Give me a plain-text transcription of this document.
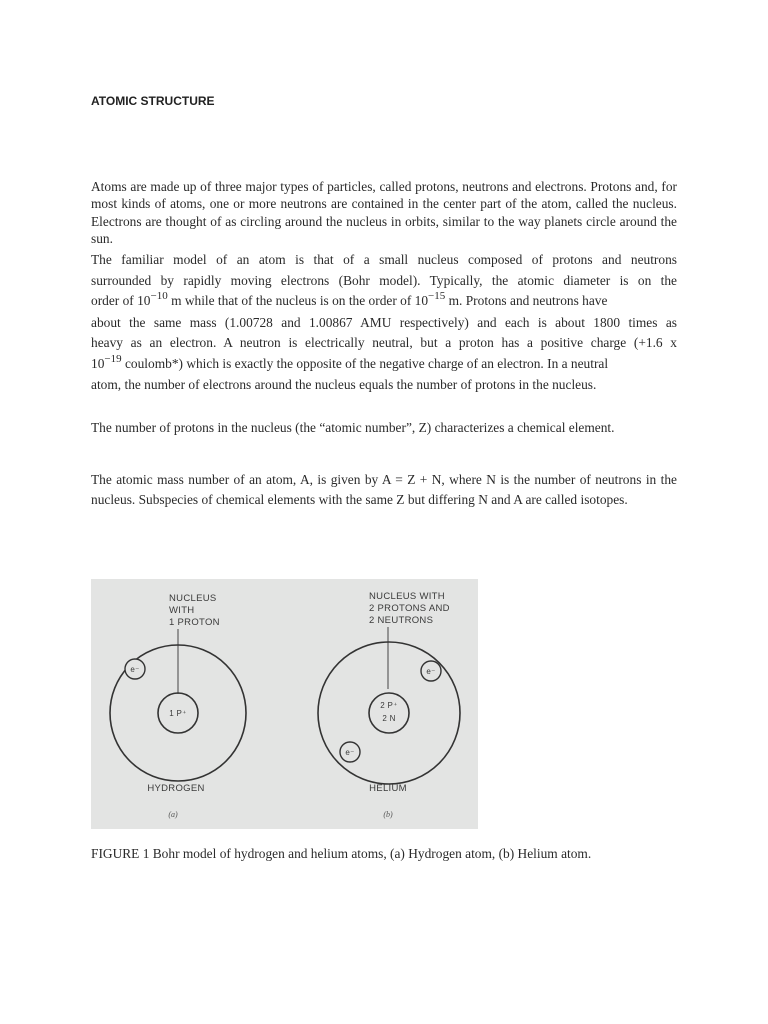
ATOMIC STRUCTURE

Atoms are made up of three major types of particles, called protons, neutrons and electrons. Protons and, for most kinds of atoms, one or more neutrons are contained in the center part of the atom, called the nucleus. Electrons are thought of as circling around the nucleus in orbits, similar to the way planets circle around the sun.

The familiar model of an atom is that of a small nucleus composed of protons and neutrons
surrounded by rapidly moving electrons (Bohr model). Typically, the atomic diameter is on the
order of $10^{-10}$ m while that of the nucleus is on the order of $10^{-15}$ m. Protons and neutrons have
about the same mass (1.00728 and 1.00867 AMU respectively) and each is about 1800 times as
heavy as an electron. A neutron is electrically neutral, but a proton has a positive charge (+1.6 x
$10^{-19}$ coulomb*) which is exactly the opposite of the negative charge of an electron. In a neutral
atom, the number of electrons around the nucleus equals the number of protons in the nucleus.

The number of protons in the nucleus (the “atomic number”, Z) characterizes a chemical element.

The atomic mass number of an atom, A, is given by A = Z + N, where N is the number of neutrons in the nucleus. Subspecies of chemical elements with the same Z but differing N and A are called isotopes.

NUCLEUS
WITH
1 PROTON
1 P⁺
e⁻
HYDROGEN
(a)
NUCLEUS WITH
2 PROTONS AND
2 NEUTRONS
2 P⁺
2 N
e⁻
e⁻
HELIUM
(b)

FIGURE 1 Bohr model of hydrogen and helium atoms, (a) Hydrogen atom, (b) Helium atom.
